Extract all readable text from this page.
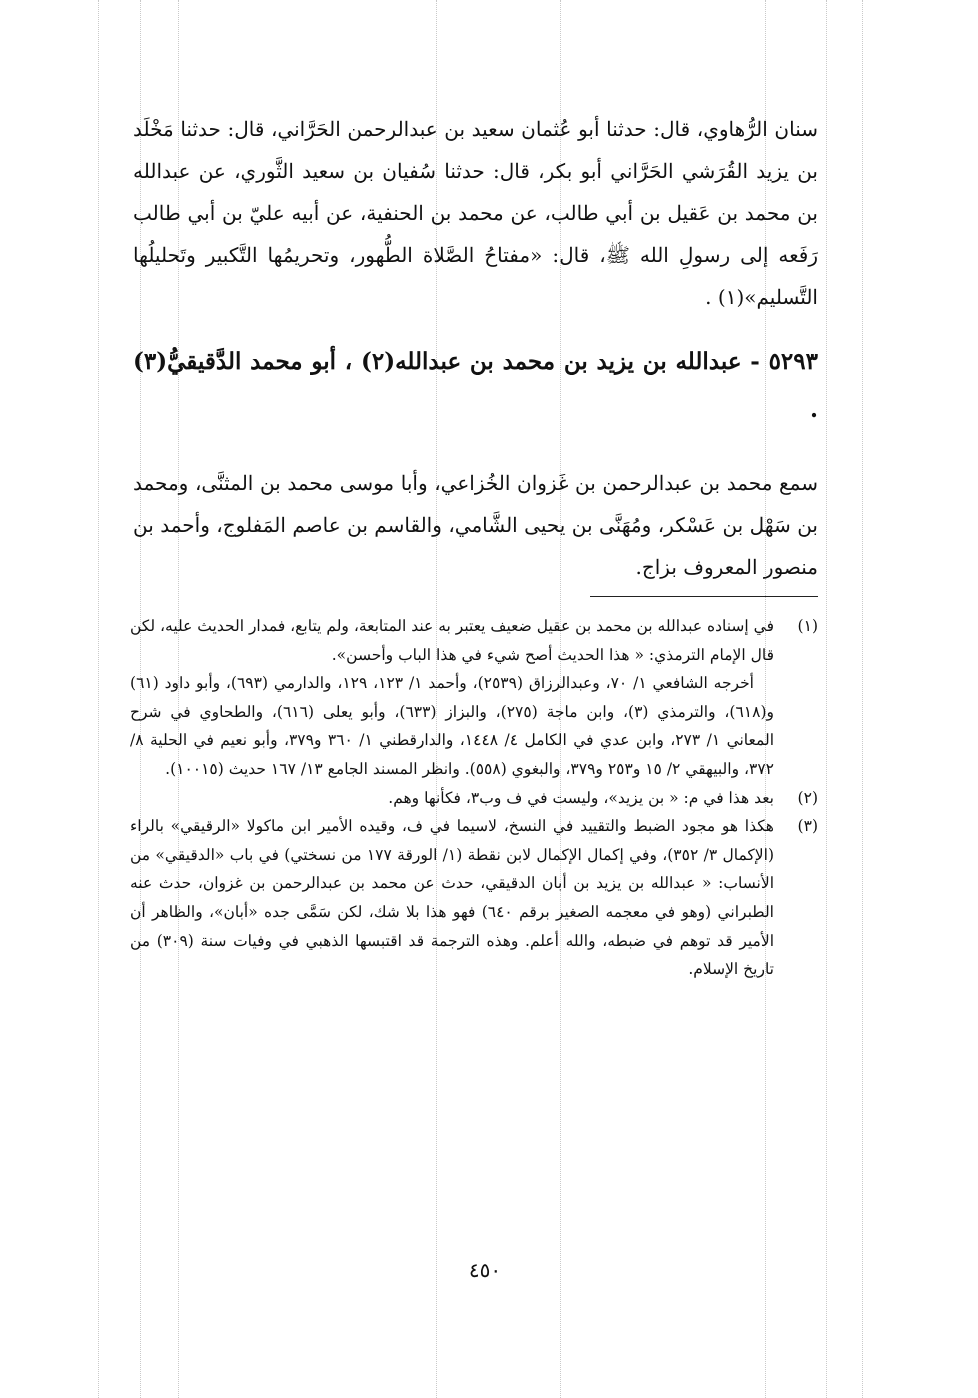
سنان الرُّهاوي، قال: حدثنا أبو عُثمان سعيد بن عبدالرحمن الحَرَّاني، قال: حدثنا مَخْلَد بن يزيد القُرَشي الحَرَّاني أبو بكر، قال: حدثنا سُفيان بن سعيد الثَّوري، عن عبدالله بن محمد بن عَقيل بن أبي طالب، عن محمد بن الحنفية، عن أبيه عليّ بن أبي طالب رَفَعه إلى رسولِ الله ﷺ، قال: «مفتاحُ الصَّلاة الطُّهور، وتحريمُها التَّكبير وتَحليلُها التَّسليم»(١) .

٥٢٩٣ - عبدالله بن يزيد بن محمد بن عبدالله(٢) ، أبو محمد الدَّقيقيُّ(٣) .

سمع محمد بن عبدالرحمن بن غَزوان الخُزاعي، وأبا موسى محمد بن المثنَّى، ومحمد بن سَهْل بن عَسْكر، ومُهَنَّى بن يحيى الشَّامي، والقاسم بن عاصم المَفلوج، وأحمد بن منصور المعروف بزاج.

(١)

في إسناده عبدالله بن محمد بن عقيل ضعيف يعتبر به عند المتابعة، ولم يتابع، فمدار الحديث عليه، لكن قال الإمام الترمذي: « هذا الحديث أصح شيء في هذا الباب وأحسن».

أخرجه الشافعي ١/ ٧٠، وعبدالرزاق (٢٥٣٩)، وأحمد ١/ ١٢٣، ١٢٩، والدارمي (٦٩٣)، وأبو داود (٦١) و(٦١٨)، والترمذي (٣)، وابن ماجة (٢٧٥)، والبزاز (٦٣٣)، وأبو يعلى (٦١٦)، والطحاوي في شرح المعاني ١/ ٢٧٣، وابن عدي في الكامل ٤/ ١٤٤٨، والدارقطني ١/ ٣٦٠ و٣٧٩، وأبو نعيم في الحلية ٨/ ٣٧٢، والبيهقي ٢/ ١٥ و٢٥٣ و٣٧٩، والبغوي (٥٥٨). وانظر المسند الجامع ١٣/ ١٦٧ حديث (١٠٠١٥).

(٢)

بعد هذا في م: « بن يزيد»، وليست في ف وب٣، فكأنها وهم.

(٣)

هكذا هو مجود الضبط والتقييد في النسخ، لاسيما في ف، وقيده الأمير ابن ماكولا «الرقيقي» بالراء (الإكمال ٣/ ٣٥٢)، وفي إكمال الإكمال لابن نقطة (١/ الورقة ١٧٧ من نسختي) في باب «الدقيقي» من الأنساب: « عبدالله بن يزيد بن أبان الدقيقي، حدث عن محمد بن عبدالرحمن بن غزوان، حدث عنه الطبراني (وهو في معجمه الصغير برقم ٦٤٠) فهو هذا بلا شك، لكن سَمَّى جده «أبان»، والظاهر أن الأمير قد توهم في ضبطه، والله أعلم. وهذه الترجمة قد اقتبسها الذهبي في وفيات سنة (٣٠٩) من تاريخ الإسلام.

٤٥٠
